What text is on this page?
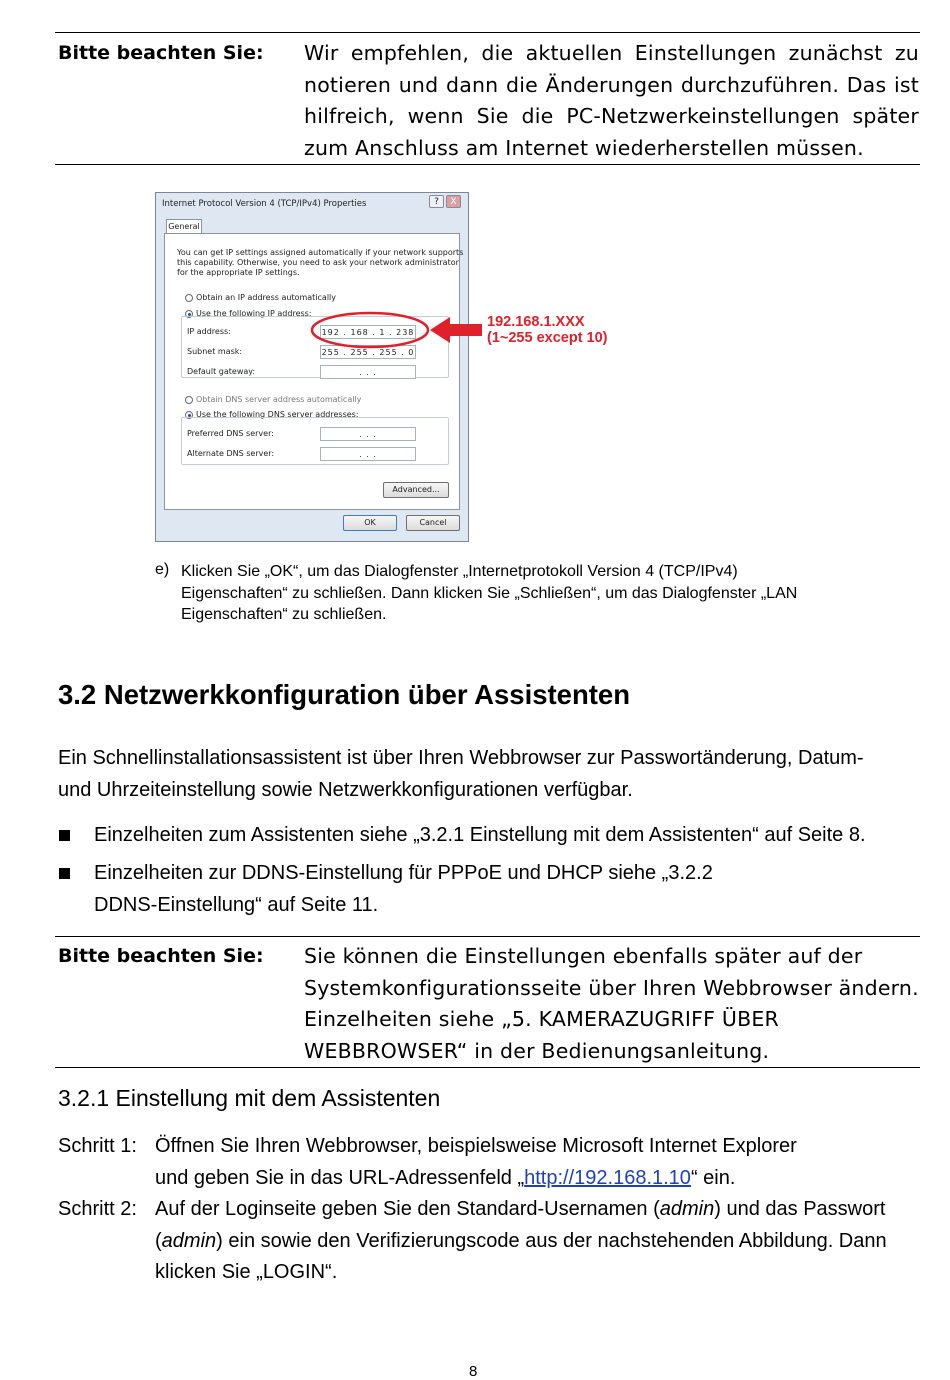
Bitte beachten Sie: Wir empfehlen, die aktuellen Einstellungen zunächst zu
notieren und dann die Änderungen durchzuführen. Das ist
hilfreich, wenn Sie die PC-Netzwerkeinstellungen später
zum Anschluss am Internet wiederherstellen müssen.
Internet Protocol Version 4 (TCP/IPv4) Properties	?	X
General
You can get IP settings assigned automatically if your network supports
this capability. Otherwise, you need to ask your network administrator
for the appropriate IP settings.
Obtain an IP address automatically
Use the following IP address:
IP address:	192 . 168 . 1 . 238
Subnet mask:	255 . 255 . 255 . 0
Default gateway:	. . .
Obtain DNS server address automatically
Use the following DNS server addresses:
Preferred DNS server:	. . .
Alternate DNS server:	. . .
Advanced...
OK	Cancel
192.168.1.XXX
(1~255 except 10)
e) Klicken Sie „OK“, um das Dialogfenster „Internetprotokoll Version 4 (TCP/IPv4)
Eigenschaften“ zu schließen. Dann klicken Sie „Schließen“, um das Dialogfenster „LAN
Eigenschaften“ zu schließen.
3.2 Netzwerkkonfiguration über Assistenten
Ein Schnellinstallationsassistent ist über Ihren Webbrowser zur Passwortänderung, Datum-
und Uhrzeiteinstellung sowie Netzwerkkonfigurationen verfügbar.
Einzelheiten zum Assistenten siehe „3.2.1 Einstellung mit dem Assistenten“ auf Seite 8.
Einzelheiten zur DDNS-Einstellung für PPPoE und DHCP siehe „3.2.2
DDNS-Einstellung“ auf Seite 11.
Bitte beachten Sie: Sie können die Einstellungen ebenfalls später auf der
Systemkonfigurationsseite über Ihren Webbrowser ändern.
Einzelheiten siehe „5. KAMERAZUGRIFF ÜBER
WEBBROWSER“ in der Bedienungsanleitung.
3.2.1 Einstellung mit dem Assistenten
Schritt 1: Öffnen Sie Ihren Webbrowser, beispielsweise Microsoft Internet Explorer
und geben Sie in das URL-Adressenfeld „http://192.168.1.10“ ein.
Schritt 2: Auf der Loginseite geben Sie den Standard-Usernamen (admin) und das Passwort
(admin) ein sowie den Verifizierungscode aus der nachstehenden Abbildung. Dann
klicken Sie „LOGIN“.
8
